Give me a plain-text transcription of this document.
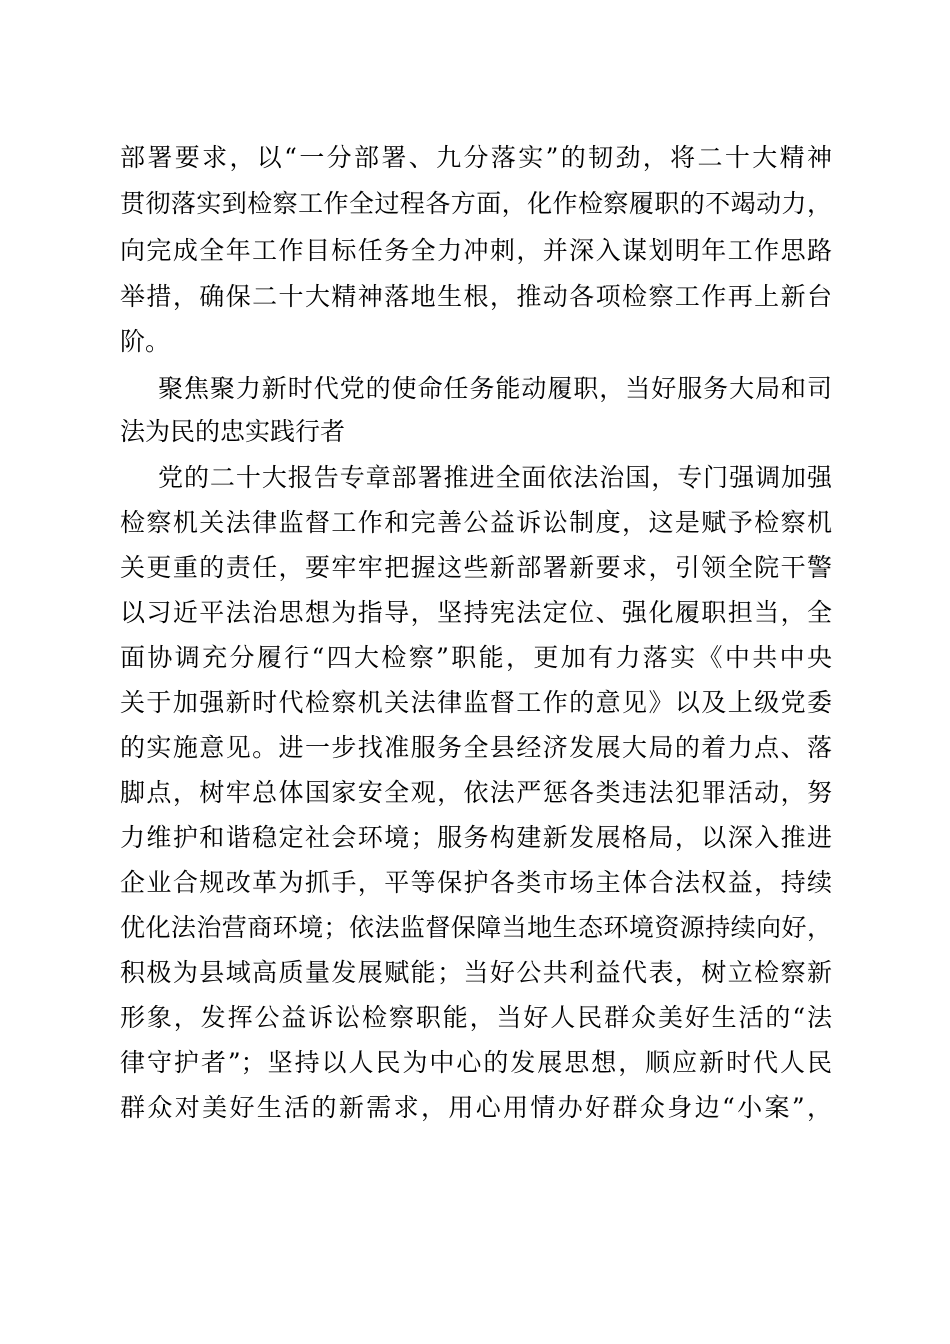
部署要求，以“一分部署、九分落实”的韧劲，将二十大精神
贯彻落实到检察工作全过程各方面，化作检察履职的不竭动力，
向完成全年工作目标任务全力冲刺，并深入谋划明年工作思路
举措，确保二十大精神落地生根，推动各项检察工作再上新台
阶。
聚焦聚力新时代党的使命任务能动履职，当好服务大局和司
法为民的忠实践行者
党的二十大报告专章部署推进全面依法治国，专门强调加强
检察机关法律监督工作和完善公益诉讼制度，这是赋予检察机
关更重的责任，要牢牢把握这些新部署新要求，引领全院干警
以习近平法治思想为指导，坚持宪法定位、强化履职担当，全
面协调充分履行“四大检察”职能，更加有力落实《中共中央
关于加强新时代检察机关法律监督工作的意见》以及上级党委
的实施意见。进一步找准服务全县经济发展大局的着力点、落
脚点，树牢总体国家安全观，依法严惩各类违法犯罪活动，努
力维护和谐稳定社会环境；服务构建新发展格局，以深入推进
企业合规改革为抓手，平等保护各类市场主体合法权益，持续
优化法治营商环境；依法监督保障当地生态环境资源持续向好，
积极为县域高质量发展赋能；当好公共利益代表，树立检察新
形象，发挥公益诉讼检察职能，当好人民群众美好生活的“法
律守护者”；坚持以人民为中心的发展思想，顺应新时代人民
群众对美好生活的新需求，用心用情办好群众身边“小案”，
